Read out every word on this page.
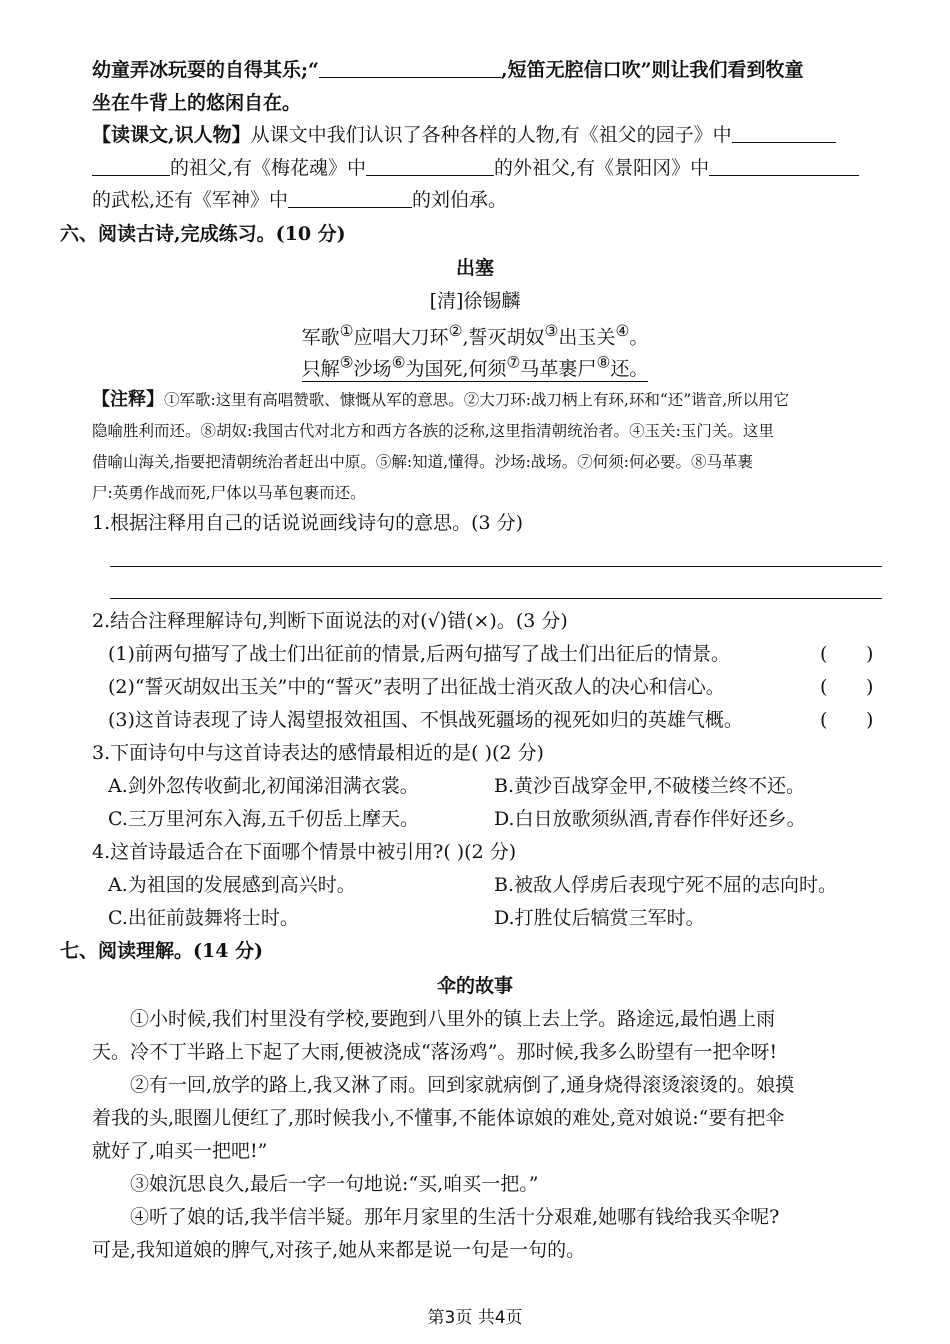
幼童弄冰玩耍的自得其乐;“	,短笛无腔信口吹”则让我们看到牧童
坐在牛背上的悠闲自在。
【读课文,识人物】从课文中我们认识了各种各样的人物,有《祖父的园子》中
的祖父,有《梅花魂》中	的外祖父,有《景阳冈》中
的武松,还有《军神》中	的刘伯承。
六、阅读古诗,完成练习。(10 分)
出塞
[清]徐锡麟
军歌①应唱大刀环②,誓灭胡奴③出玉关④。
只解⑤沙场⑥为国死,何须⑦马革裹尸⑧还。
【注释】①军歌:这里有高唱赞歌、慷慨从军的意思。②大刀环:战刀柄上有环,环和“还”谐音,所以用它
隐喻胜利而还。⑧胡奴:我国古代对北方和西方各族的泛称,这里指清朝统治者。④玉关:玉门关。这里
借喻山海关,指要把清朝统治者赶出中原。⑤解:知道,懂得。沙场:战场。⑦何须:何必要。⑧马革裹
尸:英勇作战而死,尸体以马革包裹而还。
1.根据注释用自己的话说说画线诗句的意思。(3 分)
2.结合注释理解诗句,判断下面说法的对(√)错(×)。(3 分)
(1)前两句描写了战士们出征前的情景,后两句描写了战士们出征后的情景。	( )
(2)“誓灭胡奴出玉关”中的“誓灭”表明了出征战士消灭敌人的决心和信心。	( )
(3)这首诗表现了诗人渴望报效祖国、不惧战死疆场的视死如归的英雄气概。	( )
3.下面诗句中与这首诗表达的感情最相近的是( )(2 分)
A.剑外忽传收蓟北,初闻涕泪满衣裳。	B.黄沙百战穿金甲,不破楼兰终不还。
C.三万里河东入海,五千仞岳上摩天。	D.白日放歌须纵酒,青春作伴好还乡。
4.这首诗最适合在下面哪个情景中被引用?( )(2 分)
A.为祖国的发展感到高兴时。	B.被敌人俘虏后表现宁死不屈的志向时。
C.出征前鼓舞将士时。	D.打胜仗后犒赏三军时。
七、阅读理解。(14 分)
伞的故事
①小时候,我们村里没有学校,要跑到八里外的镇上去上学。路途远,最怕遇上雨
天。冷不丁半路上下起了大雨,便被浇成“落汤鸡”。那时候,我多么盼望有一把伞呀!
②有一回,放学的路上,我又淋了雨。回到家就病倒了,通身烧得滚烫滚烫的。娘摸
着我的头,眼圈儿便红了,那时候我小,不懂事,不能体谅娘的难处,竟对娘说:“要有把伞
就好了,咱买一把吧!”
③娘沉思良久,最后一字一句地说:“买,咱买一把。”
④听了娘的话,我半信半疑。那年月家里的生活十分艰难,她哪有钱给我买伞呢?
可是,我知道娘的脾气,对孩子,她从来都是说一句是一句的。
第3页 共4页
